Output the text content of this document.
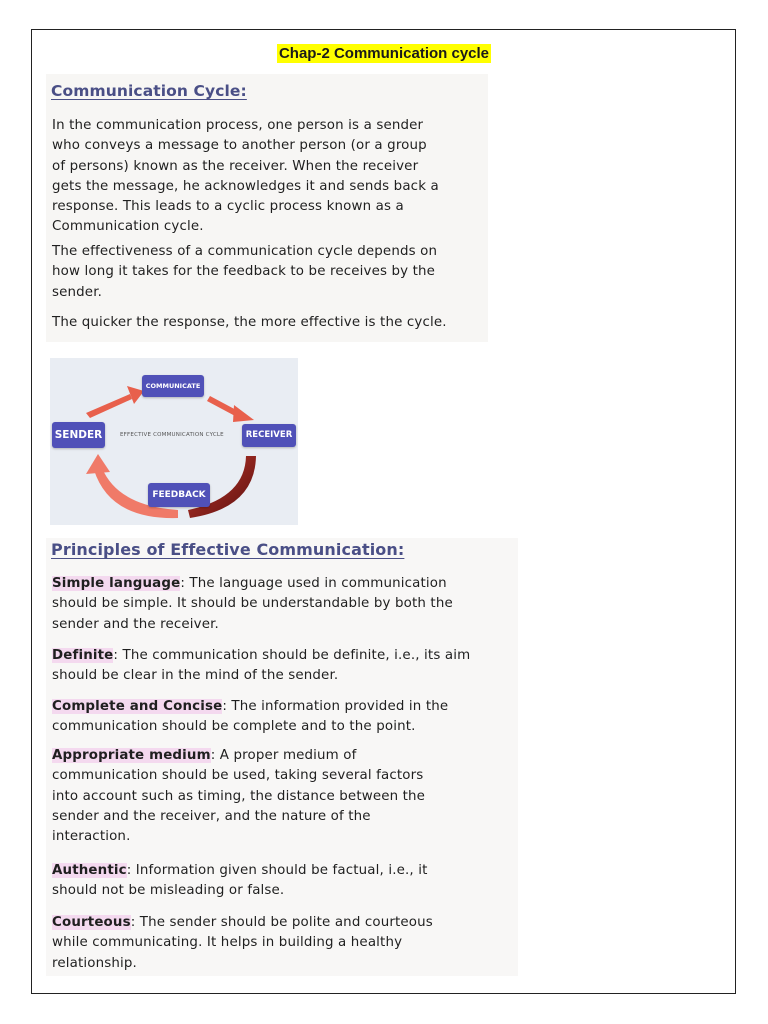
Chap-2 Communication cycle
Communication Cycle:
In the communication process, one person is a sender
who conveys a message to another person (or a group
of persons) known as the receiver. When the receiver
gets the message, he acknowledges it and sends back a
response. This leads to a cyclic process known as a
Communication cycle.
The effectiveness of a communication cycle depends on
how long it takes for the feedback to be receives by the
sender.
The quicker the response, the more effective is the cycle.
COMMUNICATE
SENDER	RECEIVER
FEEDBACK
EFFECTIVE COMMUNICATION CYCLE
Principles of Effective Communication:
Simple language: The language used in communication
should be simple. It should be understandable by both the
sender and the receiver.
Definite: The communication should be definite, i.e., its aim
should be clear in the mind of the sender.
Complete and Concise: The information provided in the
communication should be complete and to the point.
Appropriate medium: A proper medium of
communication should be used, taking several factors
into account such as timing, the distance between the
sender and the receiver, and the nature of the
interaction.
Authentic: Information given should be factual, i.e., it
should not be misleading or false.
Courteous: The sender should be polite and courteous
while communicating. It helps in building a healthy
relationship.
